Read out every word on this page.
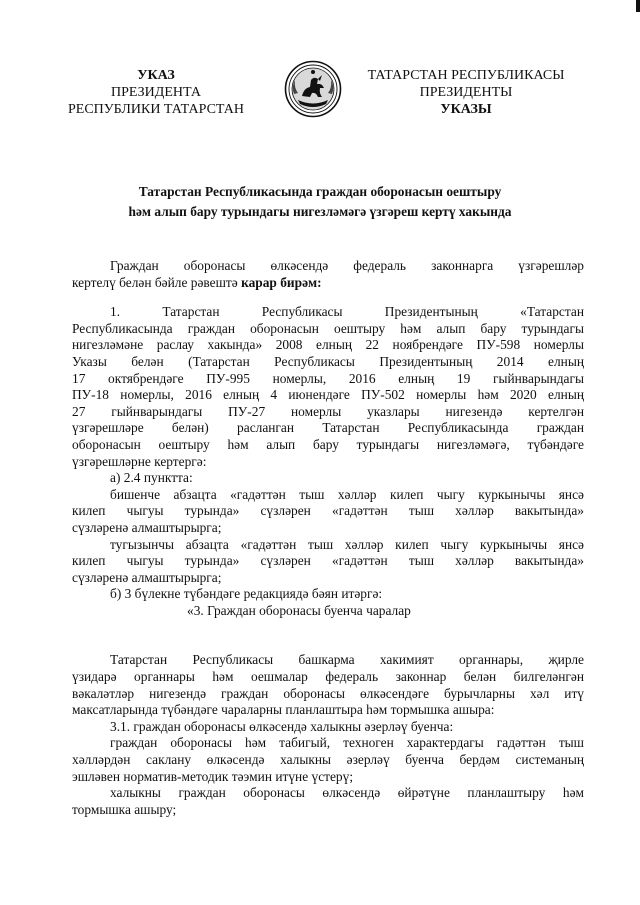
УКАЗ
ПРЕЗИДЕНТА
РЕСПУБЛИКИ ТАТАРСТАН
ТАТАРСТАН РЕСПУБЛИКАСЫ
ПРЕЗИДЕНТЫ
УКАЗЫ
Татарстан Республикасында граждан оборонасын оештыру
һәм алып бару турындагы нигезләмәгә үзгәреш кертү хакында
Граждан оборонасы өлкәсендә федераль законнарга үзгәрешләр
кертелү белән бәйле рәвештә карар бирәм:
1. Татарстан Республикасы Президентының «Татарстан
Республикасында граждан оборонасын оештыру һәм алып бару турындагы
нигезләмәне раслау хакында» 2008 елның 22 ноябрендәге ПУ-598 номерлы
Указы белән (Татарстан Республикасы Президентының 2014 елның
17 октябрендәге ПУ-995 номерлы, 2016 елның 19 гыйнварындагы
ПУ-18 номерлы, 2016 елның 4 июнендәге ПУ-502 номерлы һәм 2020 елның
27 гыйнварындагы ПУ-27 номерлы указлары нигезендә кертелгән
үзгәрешләре белән) расланган Татарстан Республикасында граждан
оборонасын оештыру һәм алып бару турындагы нигезләмәгә, түбәндәге
үзгәрешләрне кертергә:
а) 2.4 пунктта:
бишенче абзацта «гадәттән тыш хәлләр килеп чыгу куркынычы янсә
килеп чыгуы турында» сүзләрен «гадәттән тыш хәлләр вакытында»
сүзләренә алмаштырырга;
тугызынчы абзацта «гадәттән тыш хәлләр килеп чыгу куркынычы янсә
килеп чыгуы турында» сүзләрен «гадәттән тыш хәлләр вакытында»
сүзләренә алмаштырырга;
б) 3 бүлекне түбәндәге редакциядә бәян итәргә:
«3. Граждан оборонасы буенча чаралар
Татарстан Республикасы башкарма хакимият органнары, җирле
үзидарә органнары һәм оешмалар федераль законнар белән билгеләнгән
вәкаләтләр нигезендә граждан оборонасы өлкәсендәге бурычларны хәл итү
максатларында түбәндәге чараларны планлаштыра һәм тормышка ашыра:
3.1. граждан оборонасы өлкәсендә халыкны әзерләү буенча:
граждан оборонасы һәм табигый, техноген характердагы гадәттән тыш
хәлләрдән саклану өлкәсендә халыкны әзерләү буенча бердәм системаның
эшләвен норматив-методик тәэмин итүне үстерү;
халыкны граждан оборонасы өлкәсендә өйрәтүне планлаштыру һәм
тормышка ашыру;
